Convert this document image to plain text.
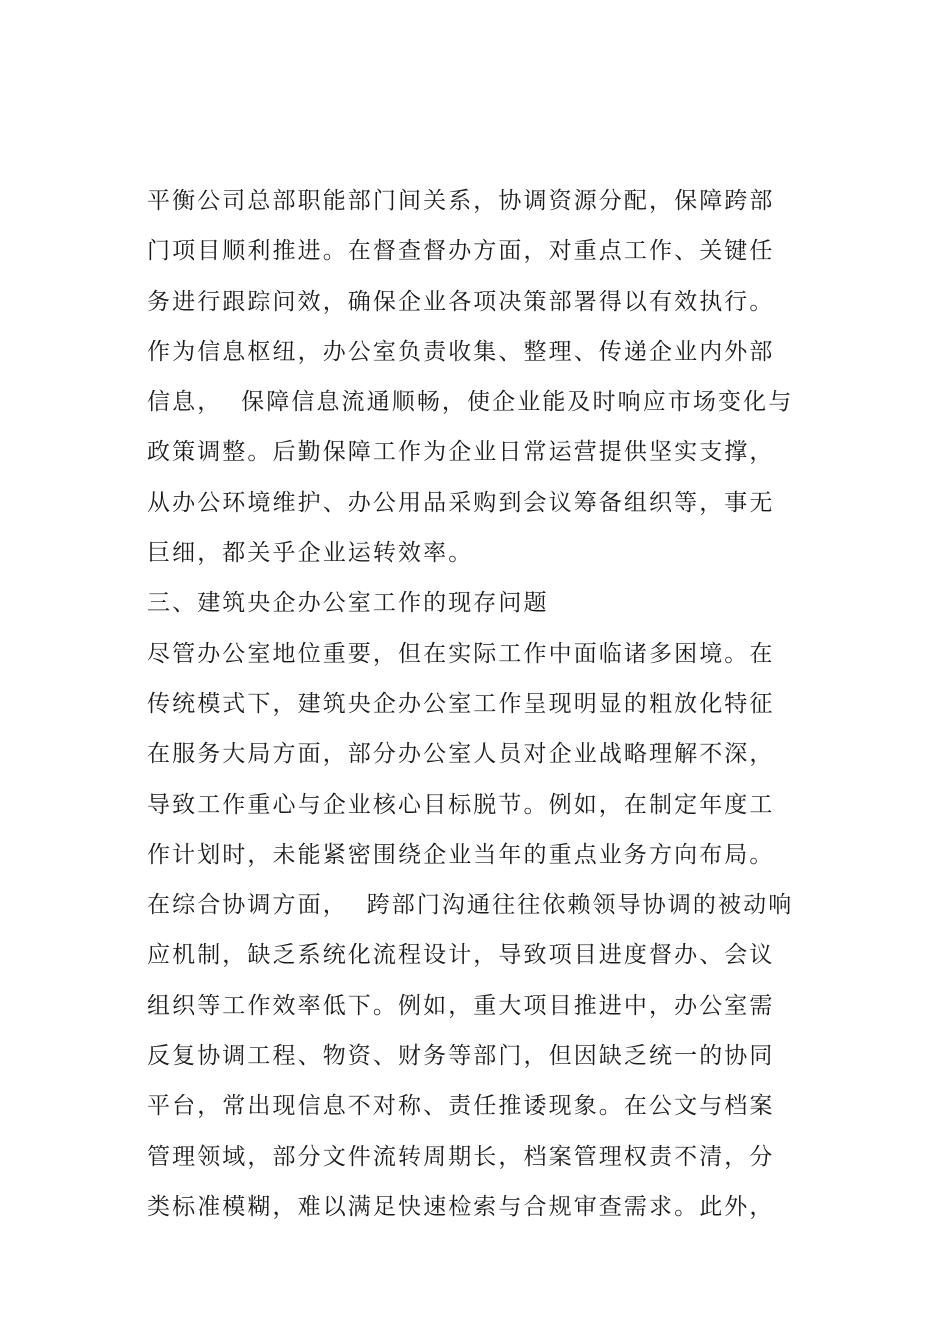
平衡公司总部职能部门间关系，协调资源分配，保障跨部
门项目顺利推进。在督查督办方面，对重点工作、关键任
务进行跟踪问效，确保企业各项决策部署得以有效执行。
作为信息枢纽，办公室负责收集、整理、传递企业内外部
信息，  保障信息流通顺畅，使企业能及时响应市场变化与
政策调整。后勤保障工作为企业日常运营提供坚实支撑，
从办公环境维护、办公用品采购到会议筹备组织等，事无
巨细，都关乎企业运转效率。
三、建筑央企办公室工作的现存问题
尽管办公室地位重要，但在实际工作中面临诸多困境。在
传统模式下，建筑央企办公室工作呈现明显的粗放化特征
在服务大局方面，部分办公室人员对企业战略理解不深，
导致工作重心与企业核心目标脱节。例如，在制定年度工
作计划时，未能紧密围绕企业当年的重点业务方向布局。
在综合协调方面，  跨部门沟通往往依赖领导协调的被动响
应机制，缺乏系统化流程设计，导致项目进度督办、会议
组织等工作效率低下。例如，重大项目推进中，办公室需
反复协调工程、物资、财务等部门，但因缺乏统一的协同
平台，常出现信息不对称、责任推诿现象。在公文与档案
管理领域，部分文件流转周期长，档案管理权责不清，分
类标准模糊，难以满足快速检索与合规审查需求。此外，
